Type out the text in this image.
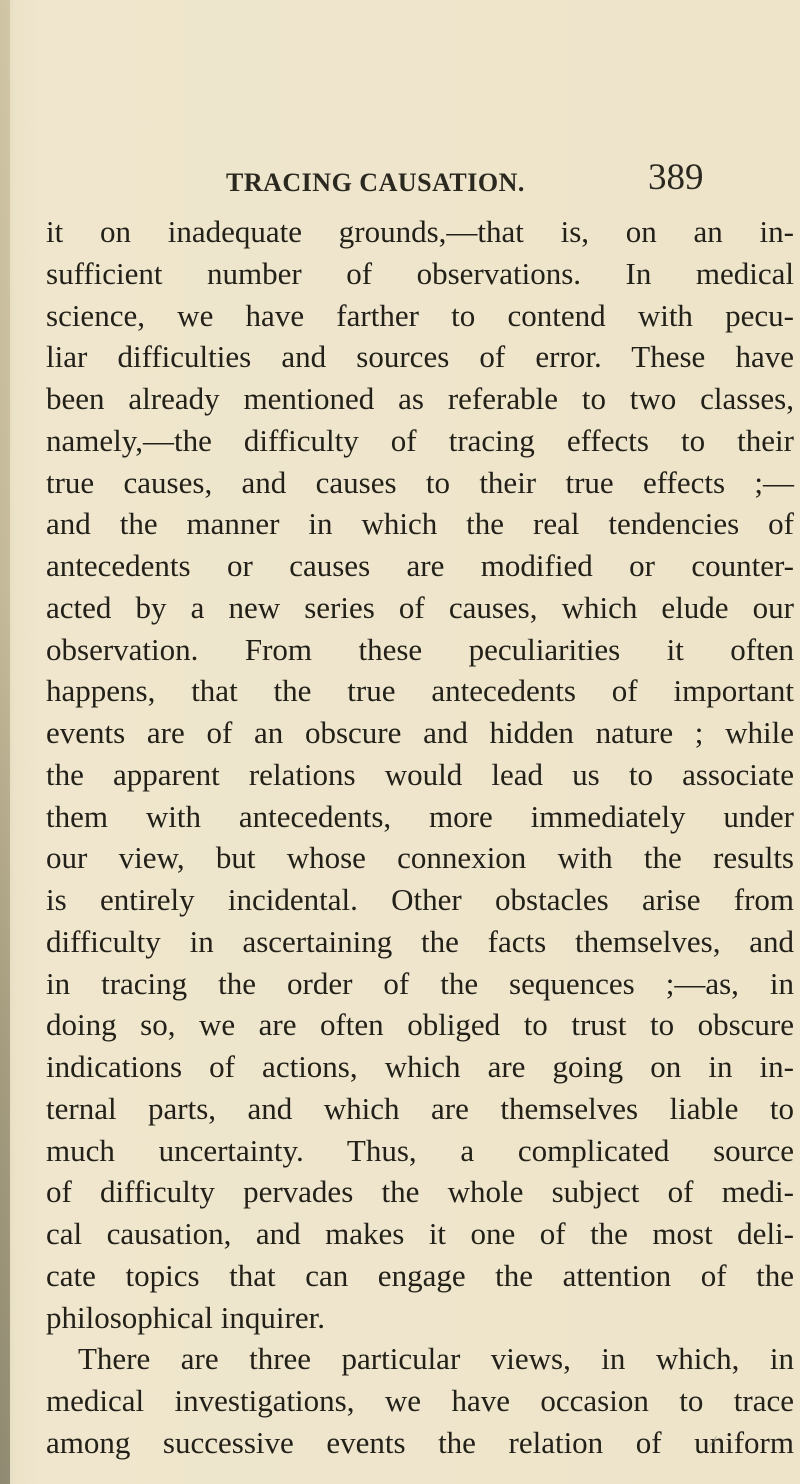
TRACING CAUSATION.	389
it on inadequate grounds,—that is, on an in-
sufficient number of observations. In medical
science, we have farther to contend with pecu-
liar difficulties and sources of error. These have
been already mentioned as referable to two classes,
namely,—the difficulty of tracing effects to their
true causes, and causes to their true effects ;—
and the manner in which the real tendencies of
antecedents or causes are modified or counter-
acted by a new series of causes, which elude our
observation. From these peculiarities it often
happens, that the true antecedents of important
events are of an obscure and hidden nature ; while
the apparent relations would lead us to associate
them with antecedents, more immediately under
our view, but whose connexion with the results
is entirely incidental. Other obstacles arise from
difficulty in ascertaining the facts themselves, and
in tracing the order of the sequences ;—as, in
doing so, we are often obliged to trust to obscure
indications of actions, which are going on in in-
ternal parts, and which are themselves liable to
much uncertainty. Thus, a complicated source
of difficulty pervades the whole subject of medi-
cal causation, and makes it one of the most deli-
cate topics that can engage the attention of the
philosophical inquirer.
There are three particular views, in which, in
medical investigations, we have occasion to trace
among successive events the relation of uniform
